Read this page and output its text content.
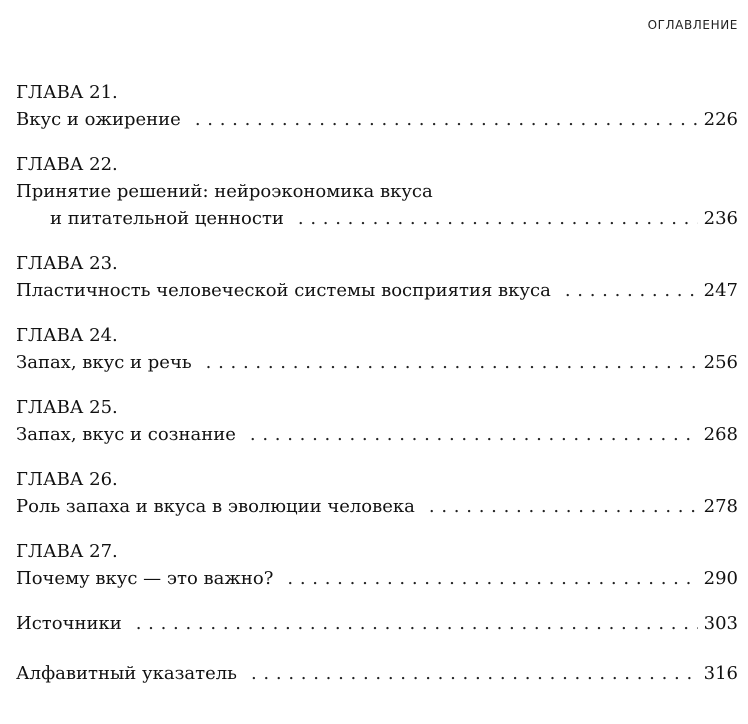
ОГЛАВЛЕНИЕ
ГЛАВА 21.
Вкус и ожирение . . .	226
ГЛАВА 22.
Принятие решений: нейроэкономика вкуса
и питательной ценности . . .	236
ГЛАВА 23.
Пластичность человеческой системы восприятия вкуса . . .	247
ГЛАВА 24.
Запах, вкус и речь . . .	256
ГЛАВА 25.
Запах, вкус и сознание . . .	268
ГЛАВА 26.
Роль запаха и вкуса в эволюции человека . . .	278
ГЛАВА 27.
Почему вкус — это важно? . . .	290
Источники . . .	303
Алфавитный указатель . . .	316
